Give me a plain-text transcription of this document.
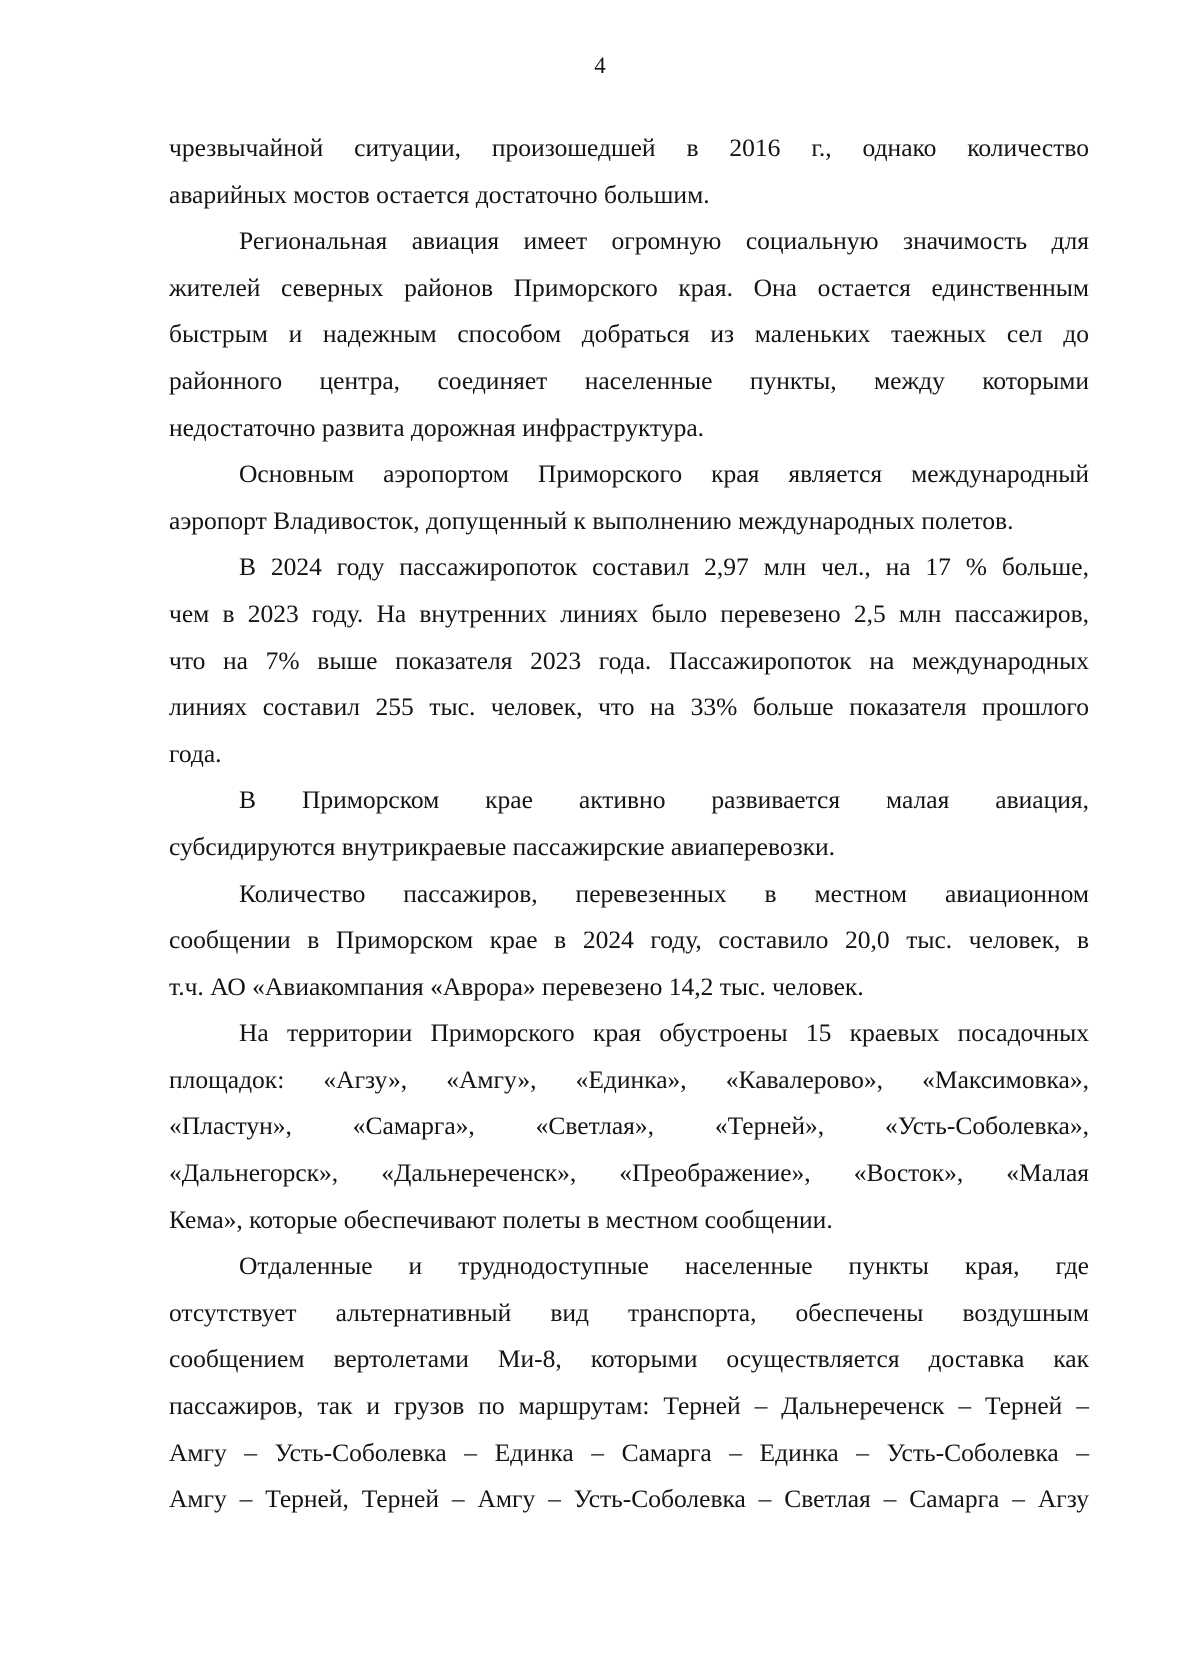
4
чрезвычайной ситуации, произошедшей в 2016 г., однако количество
аварийных мостов остается достаточно большим.
Региональная авиация имеет огромную социальную значимость для
жителей северных районов Приморского края. Она остается единственным
быстрым и надежным способом добраться из маленьких таежных сел до
районного центра, соединяет населенные пункты, между которыми
недостаточно развита дорожная инфраструктура.
Основным аэропортом Приморского края является международный
аэропорт Владивосток, допущенный к выполнению международных полетов.
В 2024 году пассажиропоток составил 2,97 млн чел., на 17 % больше,
чем в 2023 году. На внутренних линиях было перевезено 2,5 млн пассажиров,
что на 7% выше показателя 2023 года. Пассажиропоток на международных
линиях составил 255 тыс. человек, что на 33% больше показателя прошлого
года.
В Приморском крае активно развивается малая авиация,
субсидируются внутрикраевые пассажирские авиаперевозки.
Количество пассажиров, перевезенных в местном авиационном
сообщении в Приморском крае в 2024 году, составило 20,0 тыс. человек, в
т.ч. АО «Авиакомпания «Аврора» перевезено 14,2 тыс. человек.
На территории Приморского края обустроены 15 краевых посадочных
площадок: «Агзу», «Амгу», «Единка», «Кавалерово», «Максимовка»,
«Пластун», «Самарга», «Светлая», «Терней», «Усть-Соболевка»,
«Дальнегорск», «Дальнереченск», «Преображение», «Восток», «Малая
Кема», которые обеспечивают полеты в местном сообщении.
Отдаленные и труднодоступные населенные пункты края, где
отсутствует альтернативный вид транспорта, обеспечены воздушным
сообщением вертолетами Ми-8, которыми осуществляется доставка как
пассажиров, так и грузов по маршрутам: Терней – Дальнереченск – Терней –
Амгу – Усть-Соболевка – Единка – Самарга – Единка – Усть-Соболевка –
Амгу – Терней, Терней – Амгу – Усть-Соболевка – Светлая – Самарга – Агзу
